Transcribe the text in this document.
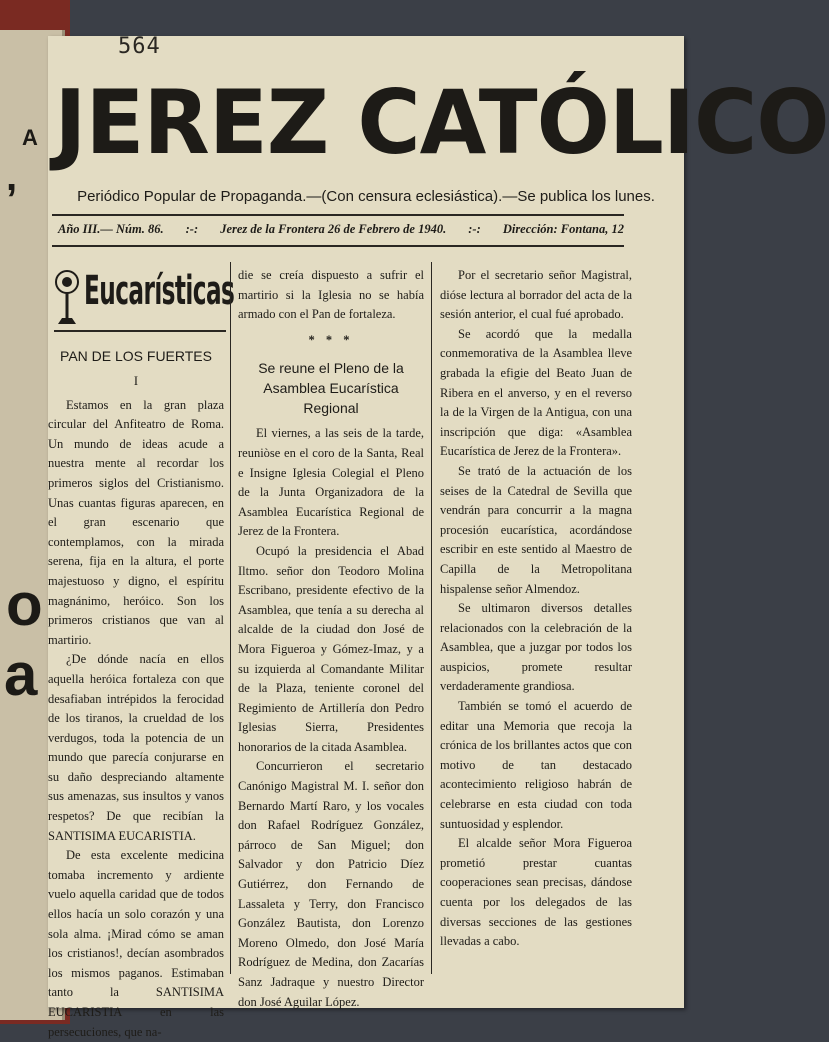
A
,
o
a
564
JEREZ CATÓLICO
Periódico Popular de Propaganda.—(Con censura eclesiástica).—Se publica los lunes.
Año III.— Núm. 86. :-: Jerez de la Frontera 26 de Febrero de 1940. :-: Dirección: Fontana, 12
Eucarísticas
PAN DE LOS FUERTES
I

Estamos en la gran plaza circular del Anfiteatro de Roma. Un mundo de ideas acude a nuestra mente al recordar los primeros siglos del Cristianismo. Unas cuantas figuras aparecen, en el gran escenario que contemplamos, con la mirada serena, fija en la altura, el porte majestuoso y digno, el espíritu magnánimo, heróico. Son los primeros cristianos que van al martirio.

¿De dónde nacía en ellos aquella heróica fortaleza con que desafiaban intrépidos la ferocidad de los tiranos, la crueldad de los verdugos, toda la potencia de un mundo que parecía conjurarse en su daño despreciando altamente sus amenazas, sus insultos y vanos respetos? De que recibían la SANTISIMA EUCARISTIA.

De esta excelente medicina tomaba incremento y ardiente vuelo aquella caridad que de todos ellos hacía un solo corazón y una sola alma. ¡Mirad cómo se aman los cristianos!, decían asombrados los mismos paganos. Estimaban tanto la SANTISIMA EUCARISTIA en las persecuciones, que na-

die se creía dispuesto a sufrir el martirio si la Iglesia no se había armado con el Pan de fortaleza.

* * *
Se reune el Pleno de la Asamblea Eucarística Regional

El viernes, a las seis de la tarde, reuniòse en el coro de la Santa, Real e Insigne Iglesia Colegial el Pleno de la Junta Organizadora de la Asamblea Eucarística Regional de Jerez de la Frontera.

Ocupó la presidencia el Abad Iltmo. señor don Teodoro Molina Escribano, presidente efectivo de la Asamblea, que tenía a su derecha al alcalde de la ciudad don José de Mora Figueroa y Gómez-Imaz, y a su izquierda al Comandante Militar de la Plaza, teniente coronel del Regimiento de Artillería don Pedro Iglesias Sierra, Presidentes honorarios de la citada Asamblea.

Concurrieron el secretario Canónigo Magistral M. I. señor don Bernardo Martí Raro, y los vocales don Rafael Rodríguez González, párroco de San Miguel; don Salvador y don Patricio Díez Gutiérrez, don Fernando de Lassaleta y Terry, don Francisco González Bautista, don Lorenzo Moreno Olmedo, don José María Rodríguez de Medina, don Zacarías Sanz Jadraque y nuestro Director don José Aguilar López.

Por el secretario señor Magistral, dióse lectura al borrador del acta de la sesión anterior, el cual fué aprobado.

Se acordó que la medalla conmemorativa de la Asamblea lleve grabada la efigie del Beato Juan de Ribera en el anverso, y en el reverso la de la Virgen de la Antigua, con una inscripción que diga: «Asamblea Eucarística de Jerez de la Frontera».

Se trató de la actuación de los seises de la Catedral de Sevilla que vendrán para concurrir a la magna procesión eucarística, acordándose escribir en este sentido al Maestro de Capilla de la Metropolitana hispalense señor Almendoz.

Se ultimaron diversos detalles relacionados con la celebración de la Asamblea, que a juzgar por todos los auspicios, promete resultar verdaderamente grandiosa.

También se tomó el acuerdo de editar una Memoria que recoja la crónica de los brillantes actos que con motivo de tan destacado acontecimiento religioso habrán de celebrarse en esta ciudad con toda suntuosidad y esplendor.

El alcalde señor Mora Figueroa prometió prestar cuantas cooperaciones sean precisas, dándose cuenta por los delegados de las diversas secciones de las gestiones llevadas a cabo.
